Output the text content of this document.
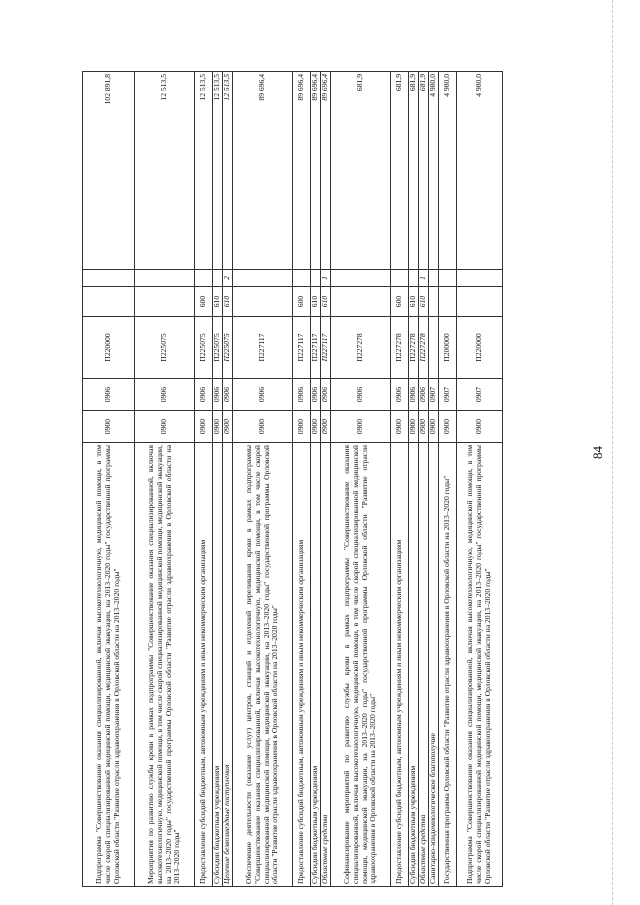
84
Подпрограмма "Совершенствование оказания специализированной, включая высокотехнологичную, медицинской помощи, в том числе скорой специализированной медицинской помощи, медицинской эвакуации, на 2013–2020 годы" государственной программы Орловской области "Развитие отрасли здравоохранения в Орловской области на 2013–2020 годы"	0900	0906	П220000			102 891,8
Мероприятия по развитию службы крови в рамках подпрограммы "Совершенствование оказания специализированной, включая высокотехнологичную, медицинской помощи, в том числе скорой специализированной медицинской помощи, медицинской эвакуации, на 2013–2020 годы" государственной программы Орловской области "Развитие отрасли здравоохранения в Орловской области на 2013–2020 годы"	0900	0906	П225075			12 513,5
Предоставление субсидий бюджетным, автономным учреждениям и иным некоммерческим организациям	0900	0906	П225075	600		12 513,5
Субсидии бюджетным учреждениям	0900	0906	П225075	610		12 513,5
Целевые безвозмездные поступления	0900	0906	П225075	610	2	12 513,5
Обеспечение деятельности (оказание услуг) центров, станций и отделений переливания крови в рамках подпрограммы "Совершенствование оказания специализированной, включая высокотехнологичную, медицинской помощи, в том числе скорой специализированной медицинской помощи, медицинской эвакуации, на 2013–2020 годы" государственной программы Орловской области "Развитие отрасли здравоохранения в Орловской области на 2013–2020 годы"	0900	0906	П227117			89 696,4
Предоставление субсидий бюджетным, автономным учреждениям и иным некоммерческим организациям	0900	0906	П227117	600		89 696,4
Субсидии бюджетным учреждениям	0900	0906	П227117	610		89 696,4
Областные средства	0900	0906	П227117	610	1	89 696,4
Софинансирование мероприятий по развитию службы крови в рамках подпрограммы "Совершенствование оказания специализированной, включая высокотехнологичную, медицинской помощи, в том числе скорой специализированной медицинской помощи, медицинской эвакуации, на 2013–2020 годы" государственной программы Орловской области "Развитие отрасли здравоохранения в Орловской области на 2013–2020 годы"	0900	0906	П227278			681,9
Предоставление субсидий бюджетным, автономным учреждениям и иным некоммерческим организациям	0900	0906	П227278	600		681,9
Субсидии бюджетным учреждениям	0900	0906	П227278	610		681,9
Областные средства	0900	0906	П227278	610	1	681,9
Санитарно-эпидемиологическое благополучие	0900	0907				4 980,0
Государственная программа Орловской области "Развитие отрасли здравоохранения в Орловской области на 2013–2020 годы"	0900	0907	П200000			4 980,0
Подпрограмма "Совершенствование оказания специализированной, включая высокотехнологичную, медицинской помощи, в том числе скорой специализированной медицинской помощи, медицинской эвакуации, на 2013–2020 годы" государственной программы Орловской области "Развитие отрасли здравоохранения в Орловской области на 2013–2020 годы"	0900	0907	П220000			4 980,0
